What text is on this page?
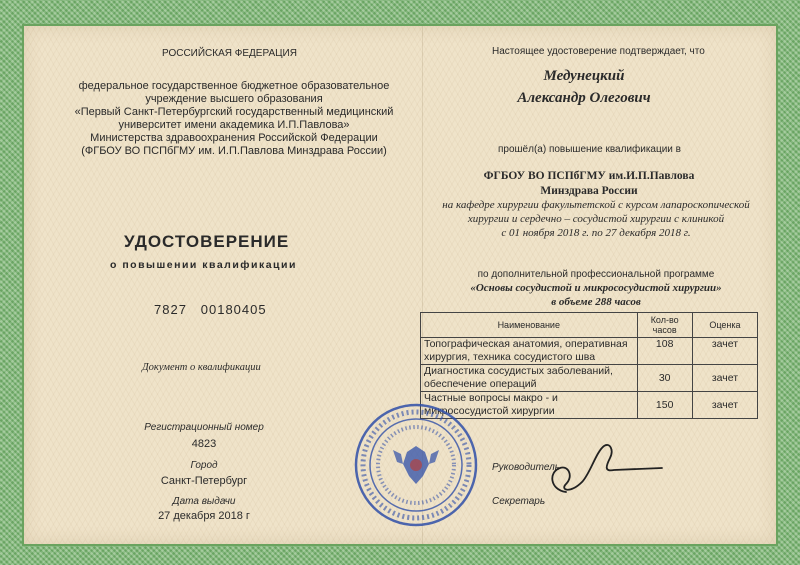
РОССИЙСКАЯ ФЕДЕРАЦИЯ
федеральное государственное бюджетное образовательное
учреждение высшего образования
«Первый Санкт-Петербургский государственный медицинский
университет имени академика И.П.Павлова»
Министерства здравоохранения Российской Федерации
(ФГБОУ ВО ПСПбГМУ им. И.П.Павлова Минздрава России)
УДОСТОВЕРЕНИЕ
о повышении квалификации
7827 00180405
Документ о квалификации
Регистрационный номер
4823
Город
Санкт-Петербург
Дата выдачи
27 декабря 2018 г
Настоящее удостоверение подтверждает, что
Медунецкий
Александр Олегович
прошёл(а) повышение квалификации в
ФГБОУ ВО ПСПбГМУ им.И.П.Павлова
Минздрава России
на кафедре хирургии факультетской с курсом лапароскопической
хирургии и сердечно – сосудистой хирургии с клиникой
с 01 ноября 2018 г. по 27 декабря 2018 г.
по дополнительной профессиональной программе
«Основы сосудистой и микрососудистой хирургии»
в объеме 288 часов
Наименование	Кол-во часов	Оценка

Топографическая анатомия, оперативная
хирургия, техника сосудистого шва	108	зачет

Диагностика сосудистых заболеваний,
обеспечение операций	30	зачет

Частные вопросы макро - и
микрососудистой хирургии	150	зачет
Руководитель
Секретарь
